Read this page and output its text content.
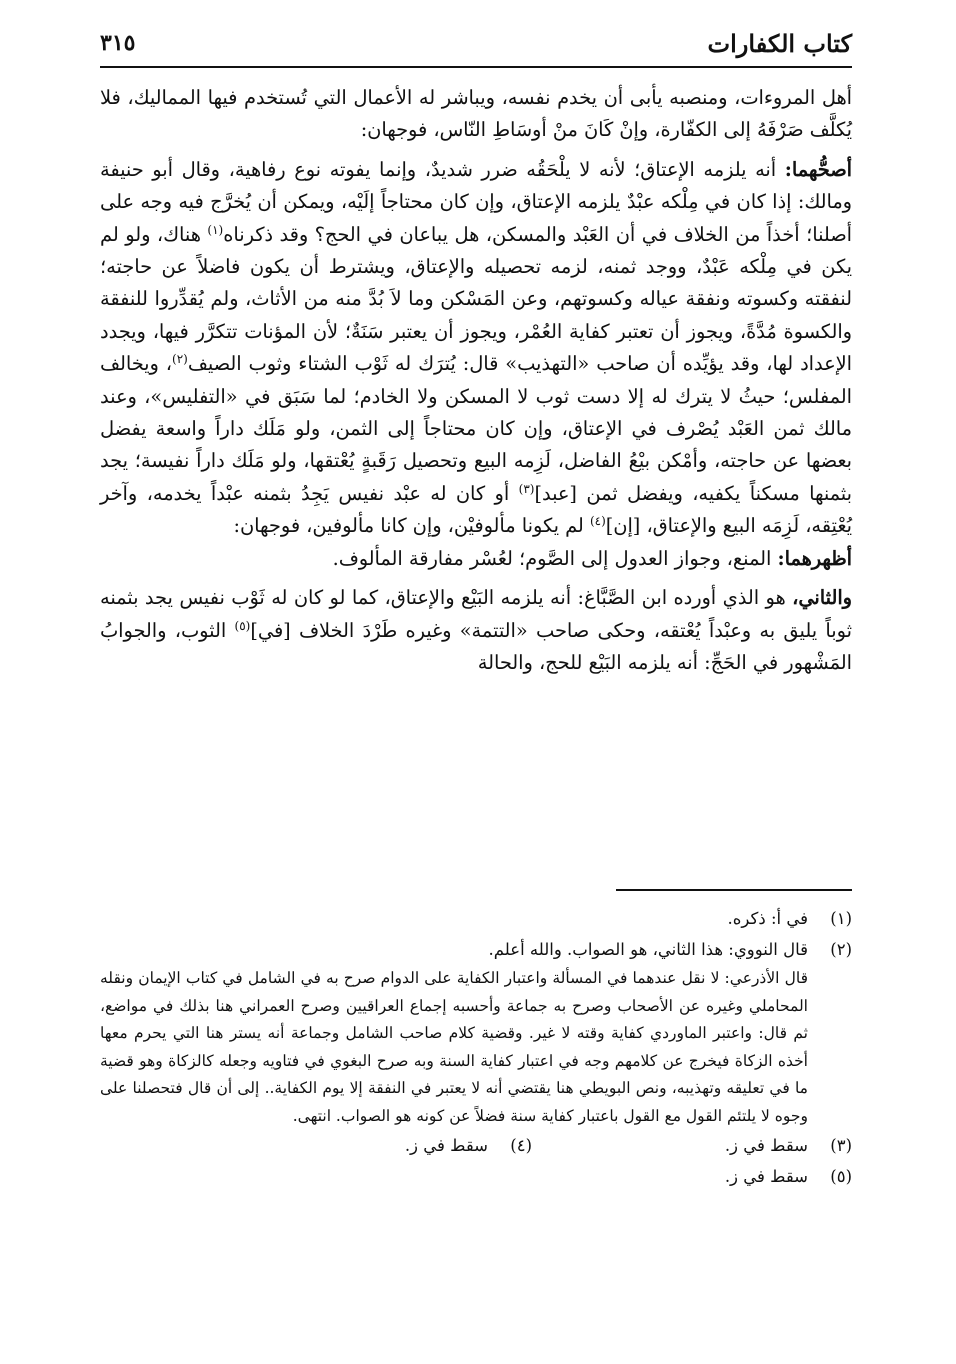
كتاب الكفارات
٣١٥

أهل المروءات، ومنصبه يأبى أن يخدم نفسه، ويباشر له الأعمال التي تُستخدم فيها المماليك، فلا يُكلَّف صَرْفَهُ إلى الكفّارة، وإنْ كَانَ منْ أوسَاطِ النّاس، فوجهان:

أصحُّهما: أنه يلزمه الإعتاق؛ لأنه لا يلْحَقُه ضرر شديدٌ، وإنما يفوته نوع رفاهية، وقال أبو حنيفة ومالك: إذا كان في مِلْكه عبْدٌ يلزمه الإعتاق، وإن كان محتاجاً إلَيْه، ويمكن أن يُخرَّج فيه وجه على أصلنا؛ أخذاً من الخلاف في أن العَبْد والمسكن، هل يباعان في الحج؟ وقد ذكرناه$^{(١)}$ هناك، ولو لم يكن في مِلْكه عَبْدٌ، ووجد ثمنه، لزمه تحصيله والإعتاق، ويشترط أن يكون فاضلاً عن حاجته؛ لنفقته وكسوته ونفقة عياله وكسوتهم، وعن المَسْكن وما لاَ بُدَّ منه من الأثاث، ولم يُقدِّروا للنفقة والكسوة مُدَّةً، ويجوز أن تعتبر كفاية العُمْر، ويجوز أن يعتبر سَنَةٌ؛ لأن المؤنات تتكرَّر فيها، ويجدد الإعداد لها، وقد يؤيِّده أن صاحب «التهذيب» قال: يُترَك له ثَوْب الشتاء وثوب الصيف$^{(٢)}$، ويخالف المفلس؛ حيثُ لا يترك له إلا دست ثوب لا المسكن ولا الخادم؛ لما سَبَق في «التفليس»، وعند مالك ثمن العَبْد يُصْرف في الإعتاق، وإن كان محتاجاً إلى الثمن، ولو مَلَك داراً واسعة يفضل بعضها عن حاجته، وأمْكن بيْعُ الفاضل، لَزِمه البيع وتحصيل رَقَبةٍ يُعْتقها، ولو مَلَك داراً نفيسة؛ يجد بثمنها مسكناً يكفيه، ويفضل ثمن [عبد]$^{(٣)}$ أو كان له عبْد نفيس يَجِدُ بثمنه عبْداً يخدمه، وآخر يُعْتِقه، لَزِمَه البيع والإعتاق، [إن]$^{(٤)}$ لم يكونا مألوفيْن، وإن كانا مألوفين، فوجهان:

أظهرهما: المنع، وجواز العدول إلى الصَّوم؛ لعُسْر مفارقة المألوف.

والثاني، هو الذي أورده ابن الصَّبَّاغ: أنه يلزمه البَيْع والإعتاق، كما لو كان له ثَوْب نفيس يجد بثمنه ثوباً يليق به وعبْداً يُعْتقه، وحكى صاحب «التتمة» وغيره طَرْدَ الخلاف [في]$^{(٥)}$ الثوب، والجوابُ المَشْهور في الحَجِّ: أنه يلزمه البَيْع للحج، والحالة

(١)
في أ: ذكره.
(٢)
قال النووي: هذا الثاني، هو الصواب. والله أعلم.
قال الأذرعي: لا نقل عندهما في المسألة واعتبار الكفاية على الدوام صرح به في الشامل في كتاب الإيمان ونقله المحاملي وغيره عن الأصحاب وصرح به جماعة وأحسبه إجماع العراقيين وصرح العمراني هنا بذلك في مواضع، ثم قال: واعتبر الماوردي كفاية وقته لا غير. وقضية كلام صاحب الشامل وجماعة أنه يستر هنا التي يحرم معها أخذه الزكاة فيخرج عن كلامهم وجه في اعتبار كفاية السنة وبه صرح البغوي في فتاويه وجعله كالزكاة وهو قضية ما في تعليقه وتهذيبه، ونص البويطي هنا يقتضي أنه لا يعتبر في النفقة إلا يوم الكفاية.. إلى أن قال فتحصلنا على وجوه لا يلتئم القول مع القول باعتبار كفاية سنة فضلاً عن كونه هو الصواب. انتهى.
(٣)
سقط في ز.
(٤)
سقط في ز.
(٥)
سقط في ز.
